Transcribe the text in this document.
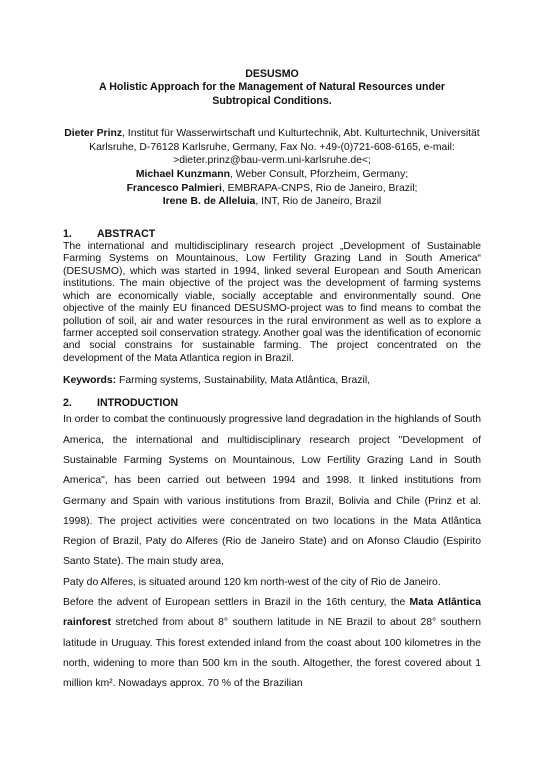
DESUSMO
A Holistic Approach for the Management of Natural Resources under
Subtropical Conditions.

Dieter Prinz, Institut für Wasserwirtschaft und Kulturtechnik, Abt. Kulturtechnik, Universität Karlsruhe, D-76128 Karlsruhe, Germany, Fax No. +49-(0)721-608-6165, e-mail: >dieter.prinz@bau-verm.uni-karlsruhe.de<;

Michael Kunzmann, Weber Consult, Pforzheim, Germany;

Francesco Palmieri, EMBRAPA-CNPS, Rio de Janeiro, Brazil;

Irene B. de Alleluia, INT, Rio de Janeiro, Brazil

1. ABSTRACT

The international and multidisciplinary research project „Development of Sustainable Farming Systems on Mountainous, Low Fertility Grazing Land in South America“ (DESUSMO), which was started in 1994, linked several European and South American institutions. The main objective of the project was the development of farming systems which are economically viable, socially acceptable and environmentally sound. One objective of the mainly EU financed DESUSMO-project was to find means to combat the pollution of soil, air and water resources in the rural environment as well as to explore a farmer accepted soil conservation strategy. Another goal was the identification of economic and social constrains for sustainable farming. The project concentrated on the development of the Mata Atlantica region in Brazil.

Keywords: Farming systems, Sustainability, Mata Atlântica, Brazil,

2. INTRODUCTION

In order to combat the continuously progressive land degradation in the highlands of South America, the international and multidisciplinary research project "Development of Sustainable Farming Systems on Mountainous, Low Fertility Grazing Land in South America", has been carried out between 1994 and 1998. It linked institutions from Germany and Spain with various institutions from Brazil, Bolivia and Chile (Prinz et al. 1998). The project activities were concentrated on two locations in the Mata Atlântica Region of Brazil, Paty do Alferes (Rio de Janeiro State) and on Afonso Claudio (Espirito Santo State). The main study area,

Paty do Alferes, is situated around 120 km north-west of the city of Rio de Janeiro.

Before the advent of European settlers in Brazil in the 16th century, the Mata Atlântica rainforest stretched from about 8° southern latitude in NE Brazil to about 28° southern latitude in Uruguay. This forest extended inland from the coast about 100 kilometres in the north, widening to more than 500 km in the south. Altogether, the forest covered about 1 million km². Nowadays approx. 70 % of the Brazilian
